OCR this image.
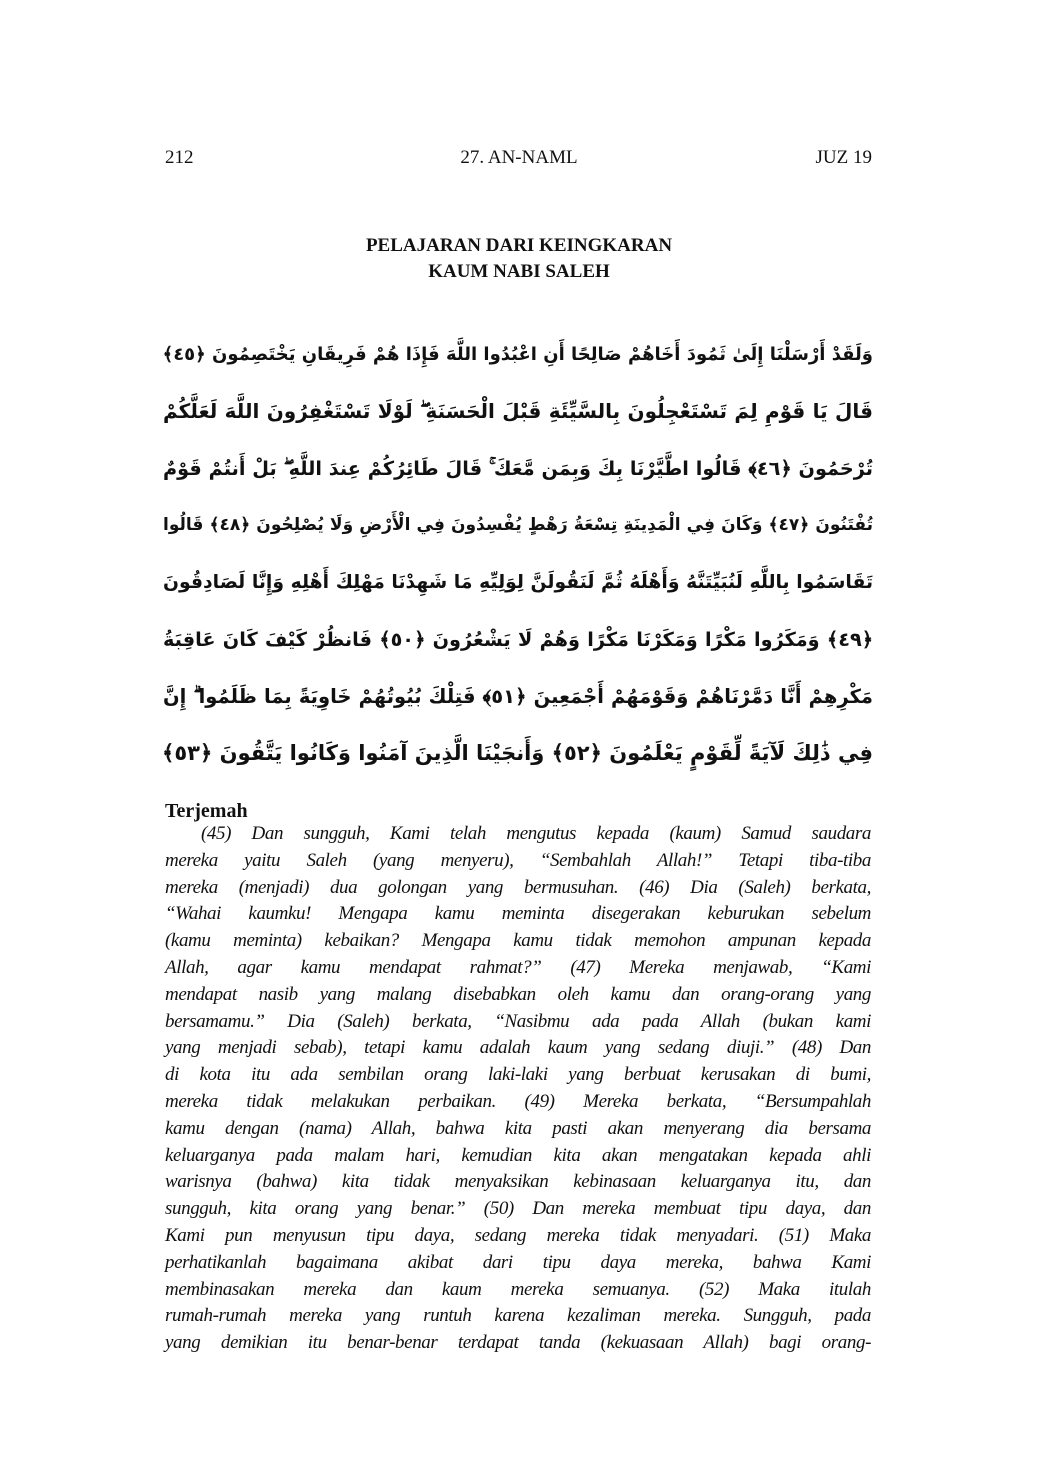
212	27. AN-NAML	JUZ 19
PELAJARAN DARI KEINGKARAN
KAUM NABI SALEH
وَلَقَدْ أَرْسَلْنَا إِلَىٰ ثَمُودَ أَخَاهُمْ صَالِحًا أَنِ اعْبُدُوا اللَّهَ فَإِذَا هُمْ فَرِيقَانِ يَخْتَصِمُونَ ﴿٤٥﴾
قَالَ يَا قَوْمِ لِمَ تَسْتَعْجِلُونَ بِالسَّيِّئَةِ قَبْلَ الْحَسَنَةِ ۖ لَوْلَا تَسْتَغْفِرُونَ اللَّهَ لَعَلَّكُمْ
تُرْحَمُونَ ﴿٤٦﴾ قَالُوا اطَّيَّرْنَا بِكَ وَبِمَن مَّعَكَ ۚ قَالَ طَائِرُكُمْ عِندَ اللَّهِ ۖ بَلْ أَنتُمْ قَوْمٌ
تُفْتَنُونَ ﴿٤٧﴾ وَكَانَ فِي الْمَدِينَةِ تِسْعَةُ رَهْطٍ يُفْسِدُونَ فِي الْأَرْضِ وَلَا يُصْلِحُونَ ﴿٤٨﴾ قَالُوا
تَقَاسَمُوا بِاللَّهِ لَنُبَيِّتَنَّهُ وَأَهْلَهُ ثُمَّ لَنَقُولَنَّ لِوَلِيِّهِ مَا شَهِدْنَا مَهْلِكَ أَهْلِهِ وَإِنَّا لَصَادِقُونَ
﴿٤٩﴾ وَمَكَرُوا مَكْرًا وَمَكَرْنَا مَكْرًا وَهُمْ لَا يَشْعُرُونَ ﴿٥٠﴾ فَانظُرْ كَيْفَ كَانَ عَاقِبَةُ
مَكْرِهِمْ أَنَّا دَمَّرْنَاهُمْ وَقَوْمَهُمْ أَجْمَعِينَ ﴿٥١﴾ فَتِلْكَ بُيُوتُهُمْ خَاوِيَةً بِمَا ظَلَمُوا ۗ إِنَّ
فِي ذَٰلِكَ لَآيَةً لِّقَوْمٍ يَعْلَمُونَ ﴿٥٢﴾ وَأَنجَيْنَا الَّذِينَ آمَنُوا وَكَانُوا يَتَّقُونَ ﴿٥٣﴾
Terjemah
(45) Dan sungguh, Kami telah mengutus kepada (kaum) Samud saudara
mereka yaitu Saleh (yang menyeru), “Sembahlah Allah!” Tetapi tiba-tiba
mereka (menjadi) dua golongan yang bermusuhan. (46) Dia (Saleh) berkata,
“Wahai kaumku! Mengapa kamu meminta disegerakan keburukan sebelum
(kamu meminta) kebaikan? Mengapa kamu tidak memohon ampunan kepada
Allah, agar kamu mendapat rahmat?” (47) Mereka menjawab, “Kami
mendapat nasib yang malang disebabkan oleh kamu dan orang-orang yang
bersamamu.” Dia (Saleh) berkata, “Nasibmu ada pada Allah (bukan kami
yang menjadi sebab), tetapi kamu adalah kaum yang sedang diuji.” (48) Dan
di kota itu ada sembilan orang laki-laki yang berbuat kerusakan di bumi,
mereka tidak melakukan perbaikan. (49) Mereka berkata, “Bersumpahlah
kamu dengan (nama) Allah, bahwa kita pasti akan menyerang dia bersama
keluarganya pada malam hari, kemudian kita akan mengatakan kepada ahli
warisnya (bahwa) kita tidak menyaksikan kebinasaan keluarganya itu, dan
sungguh, kita orang yang benar.” (50) Dan mereka membuat tipu daya, dan
Kami pun menyusun tipu daya, sedang mereka tidak menyadari. (51) Maka
perhatikanlah bagaimana akibat dari tipu daya mereka, bahwa Kami
membinasakan mereka dan kaum mereka semuanya. (52) Maka itulah
rumah-rumah mereka yang runtuh karena kezaliman mereka. Sungguh, pada
yang demikian itu benar-benar terdapat tanda (kekuasaan Allah) bagi orang-
